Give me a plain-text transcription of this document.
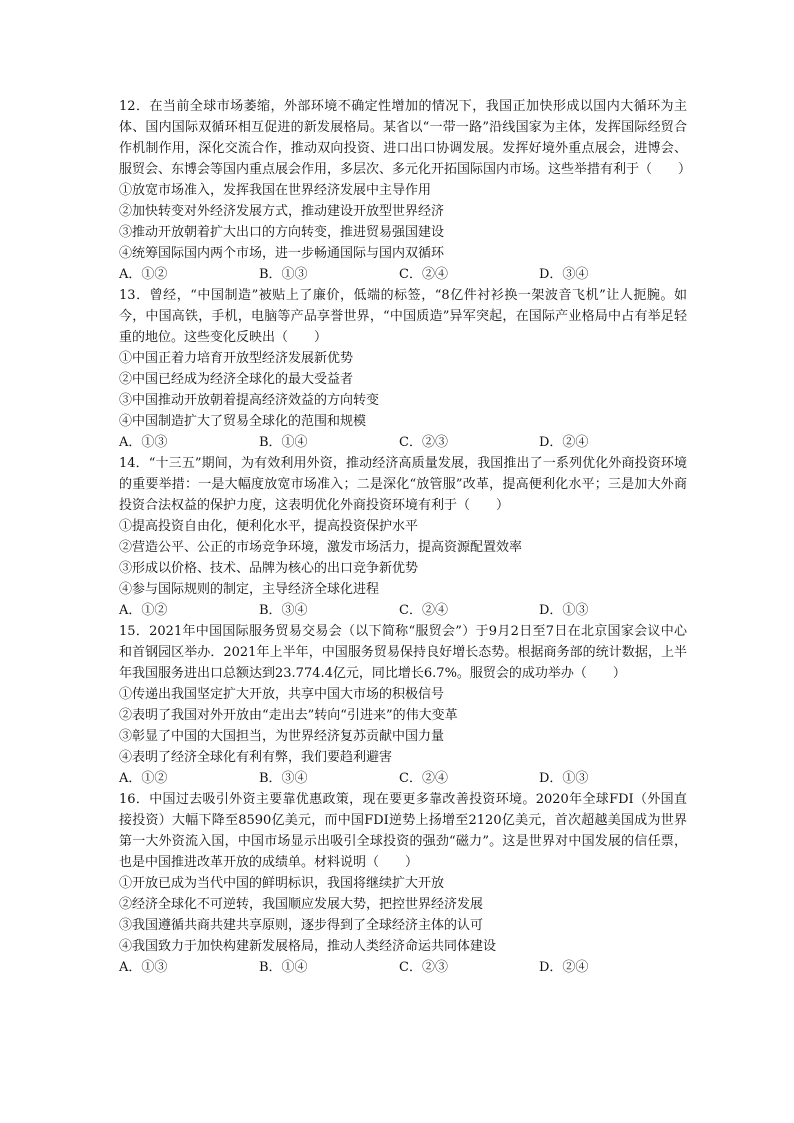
12．在当前全球市场萎缩，外部环境不确定性增加的情况下，我国正加快形成以国内大循环为主体、国内国际双循环相互促进的新发展格局。某省以“一带一路”沿线国家为主体，发挥国际经贸合作机制作用，深化交流合作，推动双向投资、进口出口协调发展。发挥好境外重点展会，进博会、服贸会、东博会等国内重点展会作用，多层次、多元化开拓国际国内市场。这些举措有利于（　　）

①放宽市场准入，发挥我国在世界经济发展中主导作用

②加快转变对外经济发展方式，推动建设开放型世界经济

③推动开放朝着扩大出口的方向转变，推进贸易强国建设

④统筹国际国内两个市场，进一步畅通国际与国内双循环

A．①②	B．①③	C．②④	D．③④

13．曾经，“中国制造”被贴上了廉价，低端的标签，“8亿件衬衫换一架波音飞机”让人扼腕。如今，中国高铁，手机，电脑等产品享誉世界，“中国质造”异军突起，在国际产业格局中占有举足轻重的地位。这些变化反映出（　　）

①中国正着力培育开放型经济发展新优势

②中国已经成为经济全球化的最大受益者

③中国推动开放朝着提高经济效益的方向转变

④中国制造扩大了贸易全球化的范围和规模

A．①③	B．①④	C．②③	D．②④

14．“十三五”期间，为有效利用外资，推动经济高质量发展，我国推出了一系列优化外商投资环境的重要举措：一是大幅度放宽市场准入；二是深化“放管服”改革，提高便利化水平；三是加大外商投资合法权益的保护力度，这表明优化外商投资环境有利于（　　）

①提高投资自由化，便利化水平，提高投资保护水平

②营造公平、公正的市场竞争环境，激发市场活力，提高资源配置效率

③形成以价格、技术、品牌为核心的出口竞争新优势

④参与国际规则的制定，主导经济全球化进程

A．①②	B．③④	C．②④	D．①③

15．2021年中国国际服务贸易交易会（以下简称“服贸会”）于9月2日至7日在北京国家会议中心和首钢园区举办．2021年上半年，中国服务贸易保持良好增长态势。根据商务部的统计数据，上半年我国服务进出口总额达到23.774.4亿元，同比增长6.7%。服贸会的成功举办（　　）

①传递出我国坚定扩大开放，共享中国大市场的积极信号

②表明了我国对外开放由“走出去”转向“引进来”的伟大变革

③彰显了中国的大国担当，为世界经济复苏贡献中国力量

④表明了经济全球化有利有弊，我们要趋利避害

A．①②	B．③④	C．②④	D．①③

16．中国过去吸引外资主要靠优惠政策，现在要更多靠改善投资环境。2020年全球FDI（外国直接投资）大幅下降至8590亿美元，而中国FDI逆势上扬增至2120亿美元，首次超越美国成为世界第一大外资流入国，中国市场显示出吸引全球投资的强劲“磁力”。这是世界对中国发展的信任票，也是中国推进改革开放的成绩单。材料说明（　　）

①开放已成为当代中国的鲜明标识，我国将继续扩大开放

②经济全球化不可逆转，我国顺应发展大势，把控世界经济发展

③我国遵循共商共建共享原则，逐步得到了全球经济主体的认可

④我国致力于加快构建新发展格局，推动人类经济命运共同体建设

A．①③	B．①④	C．②③	D．②④
